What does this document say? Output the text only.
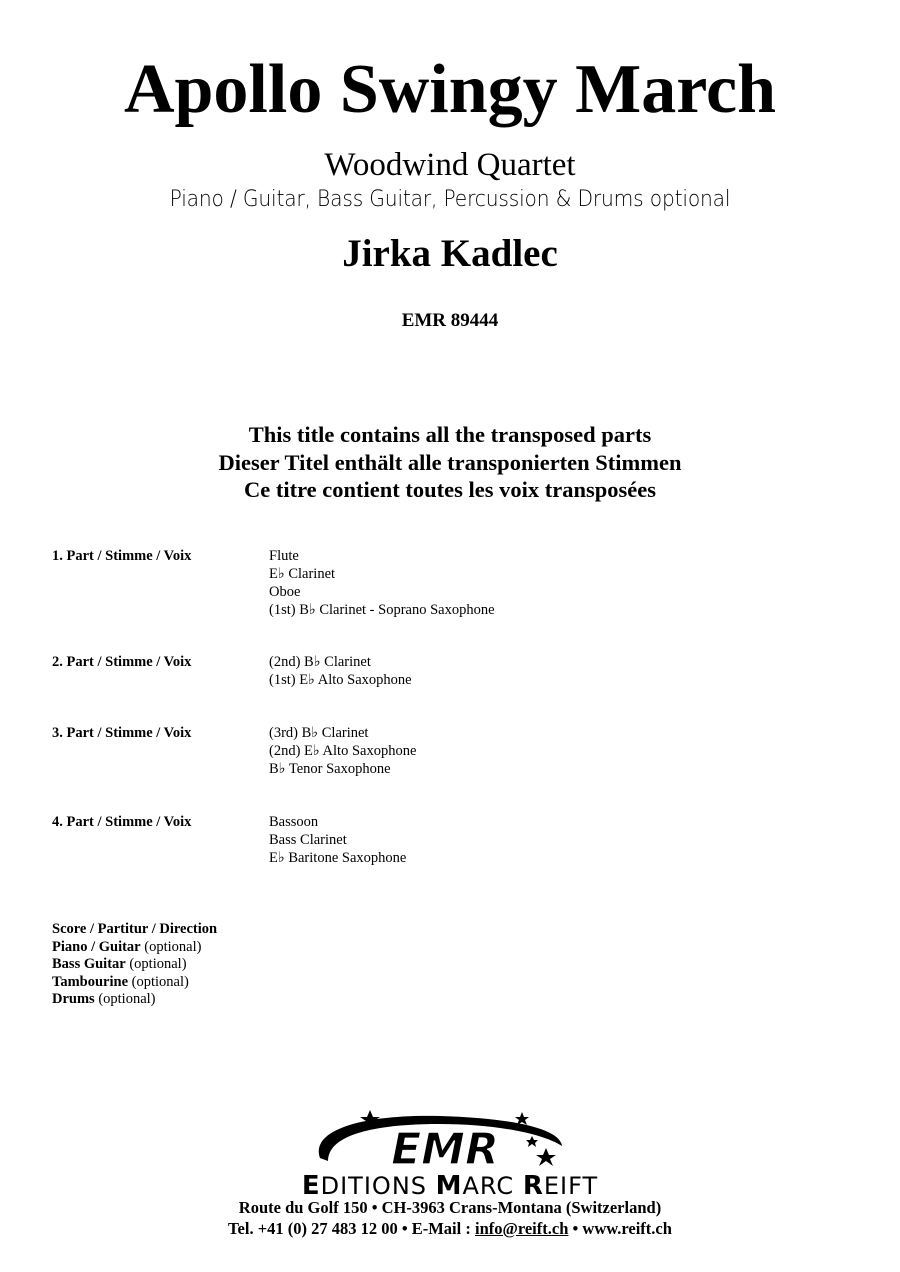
Apollo Swingy March
Woodwind Quartet
Piano / Guitar, Bass Guitar, Percussion & Drums optional
Jirka Kadlec
EMR 89444
This title contains all the transposed parts
Dieser Titel enthält alle transponierten Stimmen
Ce titre contient toutes les voix transposées
1. Part / Stimme / Voix	Flute
E♭ Clarinet
Oboe
(1st) B♭ Clarinet - Soprano Saxophone
2. Part / Stimme / Voix	(2nd) B♭ Clarinet
(1st) E♭ Alto Saxophone
3. Part / Stimme / Voix	(3rd) B♭ Clarinet
(2nd) E♭ Alto Saxophone
B♭ Tenor Saxophone
4. Part / Stimme / Voix	Bassoon
Bass Clarinet
E♭ Baritone Saxophone
Score / Partitur / Direction
Piano / Guitar (optional)
Bass Guitar (optional)
Tambourine (optional)
Drums (optional)
EMR
EDITIONS MARC REIFT
Route du Golf 150 • CH-3963 Crans-Montana (Switzerland)
Tel. +41 (0) 27 483 12 00 • E-Mail : info@reift.ch • www.reift.ch
